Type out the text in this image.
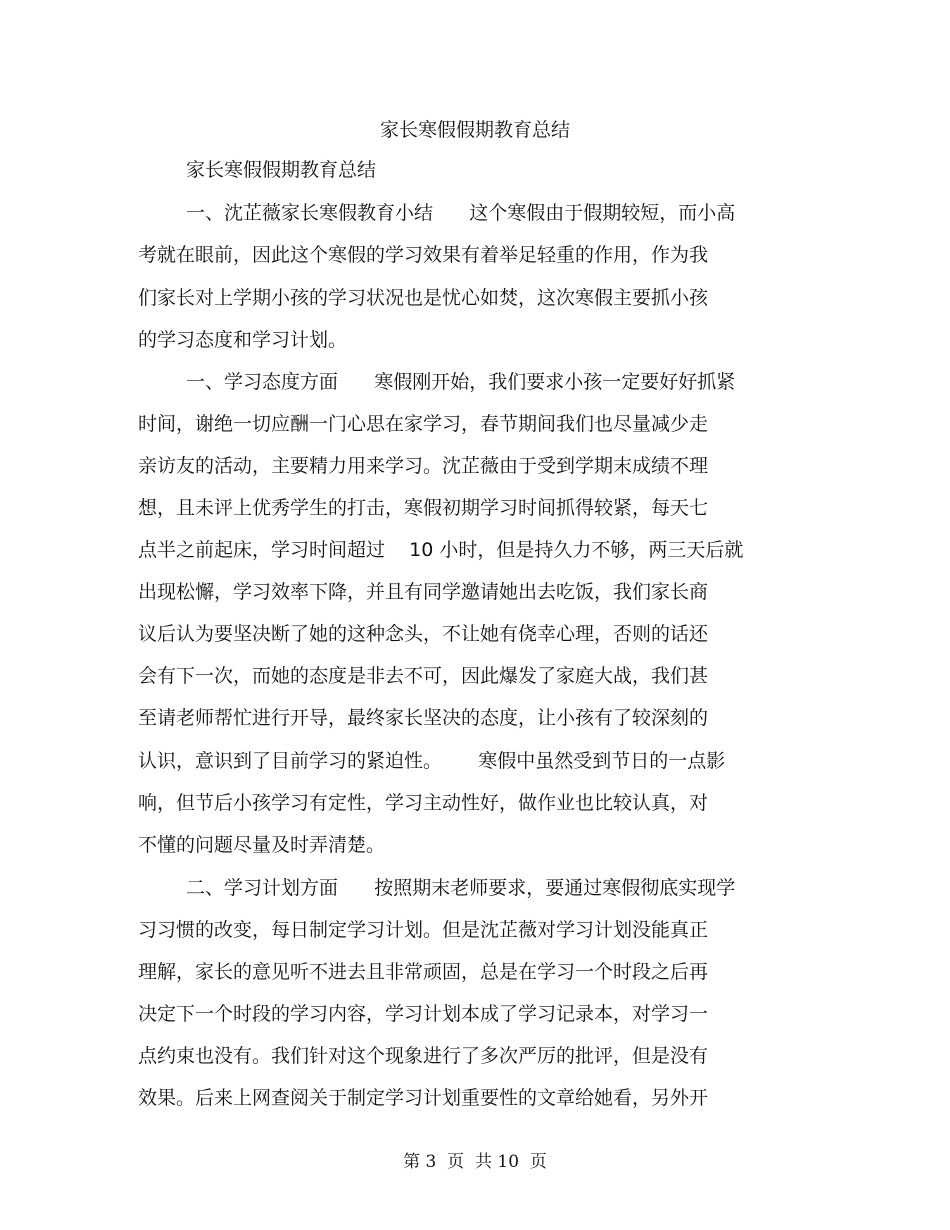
家长寒假假期教育总结
家长寒假假期教育总结
一、沈芷薇家长寒假教育小结      这个寒假由于假期较短，而小高
考就在眼前，因此这个寒假的学习效果有着举足轻重的作用，作为我
们家长对上学期小孩的学习状况也是忧心如焚，这次寒假主要抓小孩
的学习态度和学习计划。
一、学习态度方面      寒假刚开始，我们要求小孩一定要好好抓紧
时间，谢绝一切应酬一门心思在家学习，春节期间我们也尽量减少走
亲访友的活动，主要精力用来学习。沈芷薇由于受到学期末成绩不理
想，且未评上优秀学生的打击，寒假初期学习时间抓得较紧，每天七
点半之前起床，学习时间超过    10 小时，但是持久力不够，两三天后就
出现松懈，学习效率下降，并且有同学邀请她出去吃饭，我们家长商
议后认为要坚决断了她的这种念头，不让她有侥幸心理，否则的话还
会有下一次，而她的态度是非去不可，因此爆发了家庭大战，我们甚
至请老师帮忙进行开导，最终家长坚决的态度，让小孩有了较深刻的
认识，意识到了目前学习的紧迫性。      寒假中虽然受到节日的一点影
响，但节后小孩学习有定性，学习主动性好，做作业也比较认真，对
不懂的问题尽量及时弄清楚。
二、学习计划方面      按照期末老师要求，要通过寒假彻底实现学
习习惯的改变，每日制定学习计划。但是沈芷薇对学习计划没能真正
理解，家长的意见听不进去且非常顽固，总是在学习一个时段之后再
决定下一个时段的学习内容，学习计划本成了学习记录本，对学习一
点约束也没有。我们针对这个现象进行了多次严厉的批评，但是没有
效果。后来上网查阅关于制定学习计划重要性的文章给她看，另外开
第 3  页  共 10  页
